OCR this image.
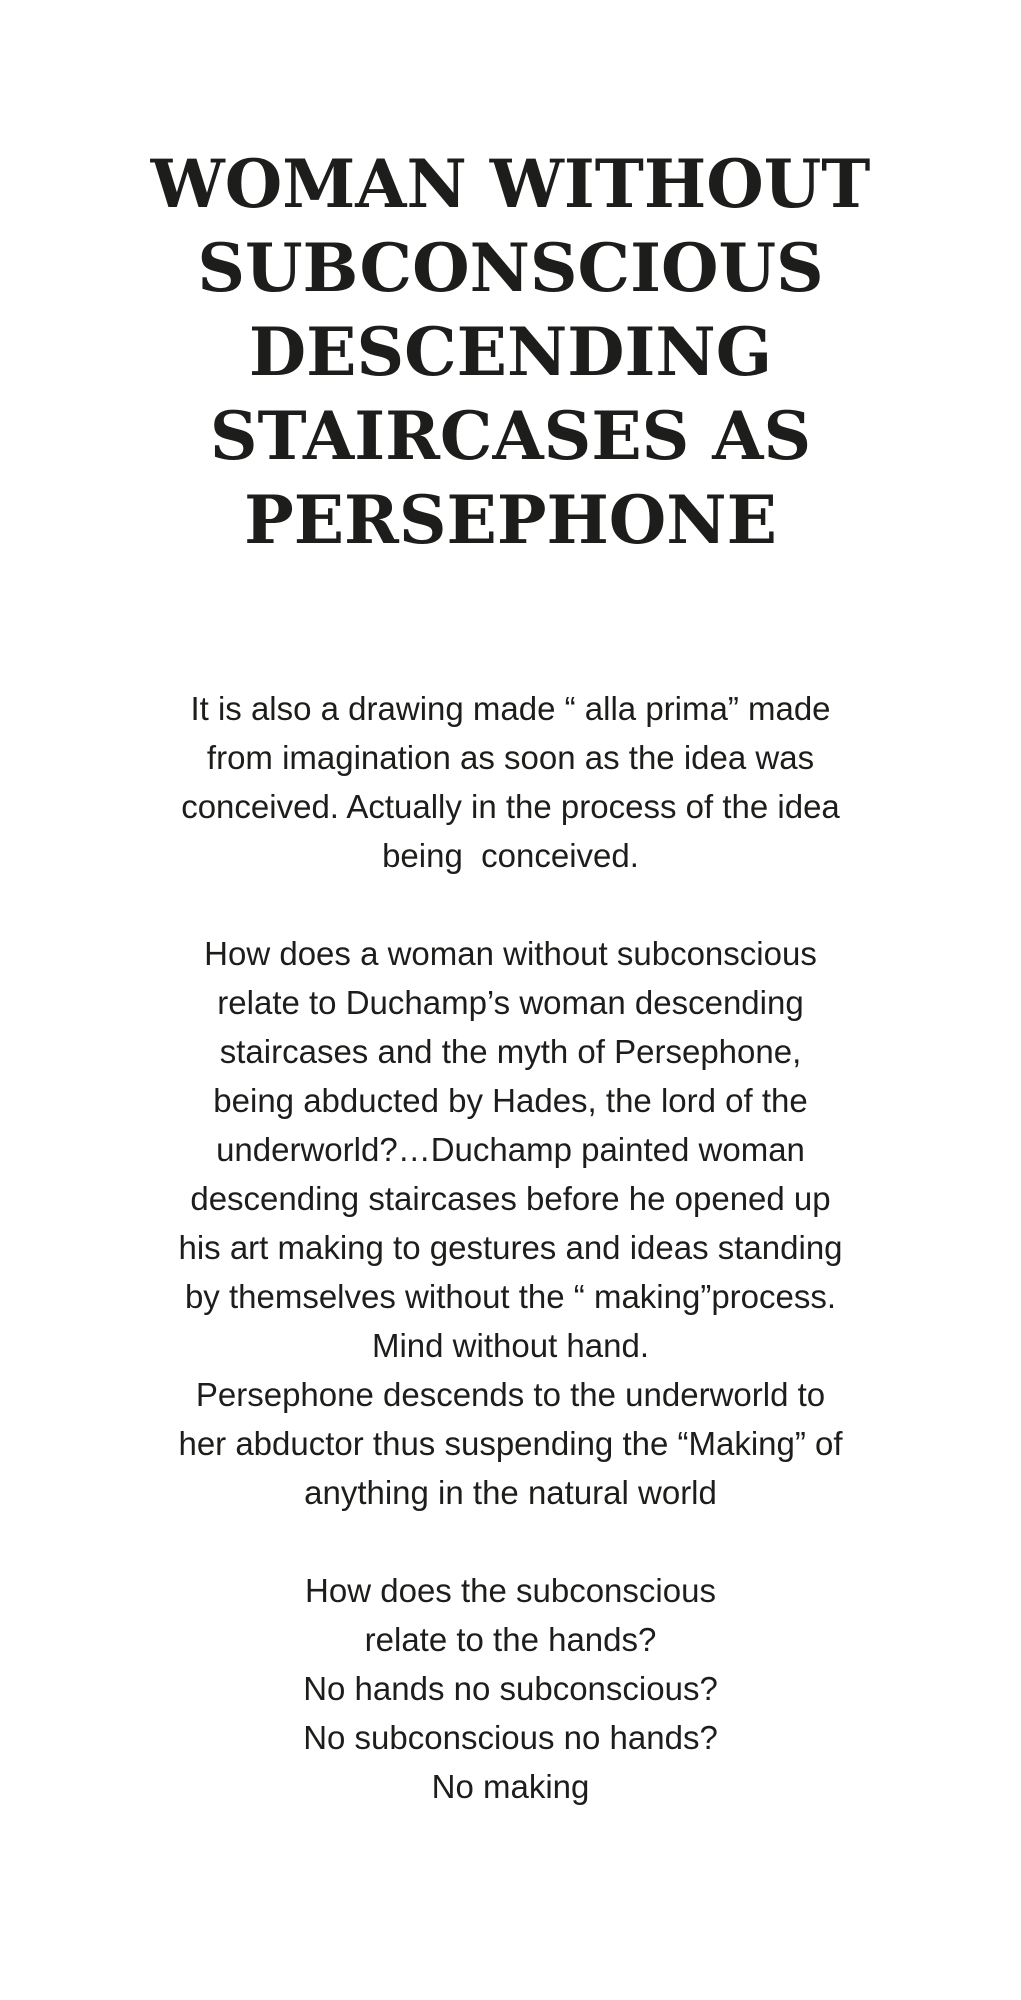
WOMAN WITHOUT
SUBCONSCIOUS
DESCENDING
STAIRCASES AS
PERSEPHONE

It is also a drawing made “ alla prima” made
from imagination as soon as the idea was
conceived. Actually in the process of the idea
being  conceived.

How does a woman without subconscious
relate to Duchamp’s woman descending
staircases and the myth of Persephone,
being abducted by Hades, the lord of the
underworld?…Duchamp painted woman
descending staircases before he opened up
his art making to gestures and ideas standing
by themselves without the “ making”process.
Mind without hand.
Persephone descends to the underworld to
her abductor thus suspending the “Making” of
anything in the natural world

How does the subconscious
relate to the hands?
No hands no subconscious?
No subconscious no hands?
No making
